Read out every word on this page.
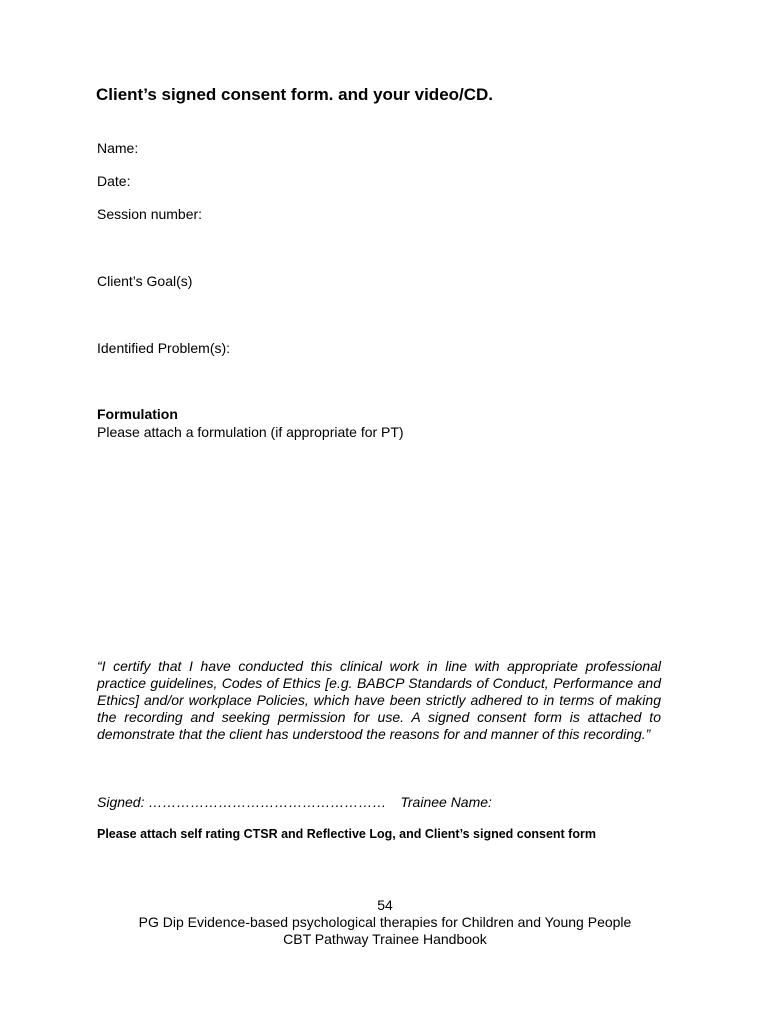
Client’s signed consent form. and your video/CD.
Name:
Date:
Session number:
Client’s Goal(s)
Identified Problem(s):
Formulation
Please attach a formulation (if appropriate for PT)
“I certify that I have conducted this clinical work in line with appropriate professional practice guidelines, Codes of Ethics [e.g. BABCP Standards of Conduct, Performance and Ethics] and/or workplace Policies, which have been strictly adhered to in terms of making the recording and seeking permission for use. A signed consent form is attached to demonstrate that the client has understood the reasons for and manner of this recording.”
Signed: …………………………………………… Trainee Name:
Please attach self rating CTSR and Reflective Log, and Client’s signed consent form
54
PG Dip Evidence-based psychological therapies for Children and Young People
CBT Pathway Trainee Handbook
